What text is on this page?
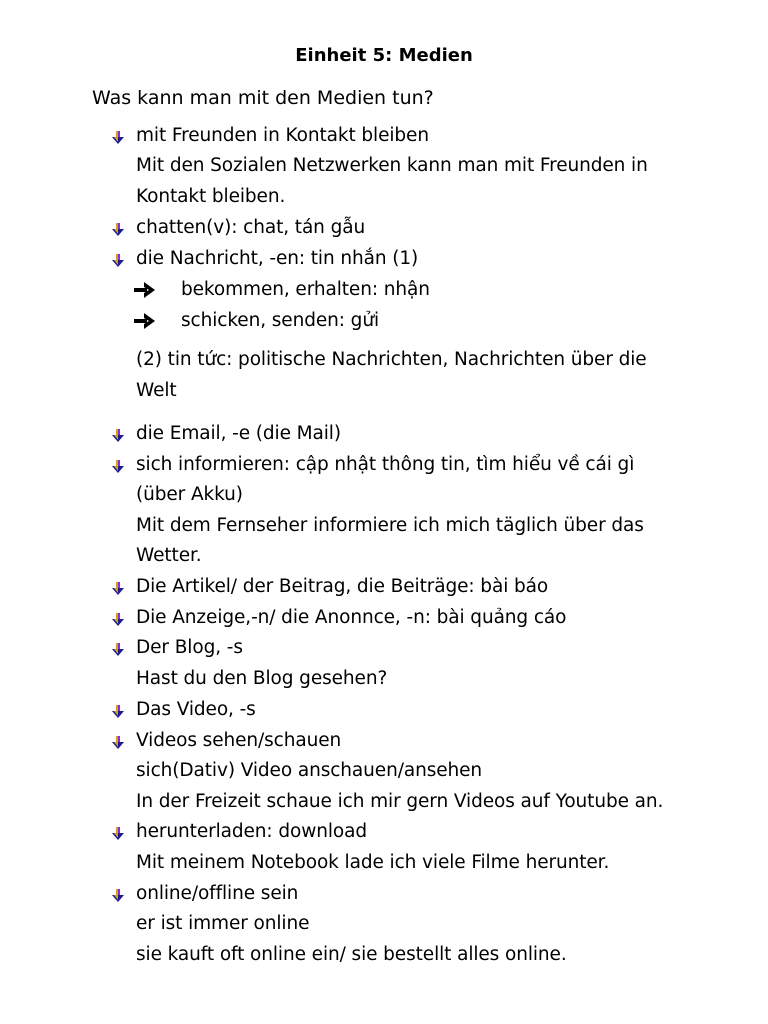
Einheit 5: Medien
Was kann man mit den Medien tun?
mit Freunden in Kontakt bleiben
Mit den Sozialen Netzwerken kann man mit Freunden in
Kontakt bleiben.
chatten(v): chat, tán gẫu
die Nachricht, -en: tin nhắn (1)
bekommen, erhalten: nhận
schicken, senden: gửi
(2) tin tức: politische Nachrichten, Nachrichten über die
Welt
die Email, -e (die Mail)
sich informieren: cập nhật thông tin, tìm hiểu về cái gì
(über Akku)
Mit dem Fernseher informiere ich mich täglich über das
Wetter.
Die Artikel/ der Beitrag, die Beiträge: bài báo
Die Anzeige,-n/ die Anonnce, -n: bài quảng cáo
Der Blog, -s
Hast du den Blog gesehen?
Das Video, -s
Videos sehen/schauen
sich(Dativ) Video anschauen/ansehen
In der Freizeit schaue ich mir gern Videos auf Youtube an.
herunterladen: download
Mit meinem Notebook lade ich viele Filme herunter.
online/offline sein
er ist immer online
sie kauft oft online ein/ sie bestellt alles online.
